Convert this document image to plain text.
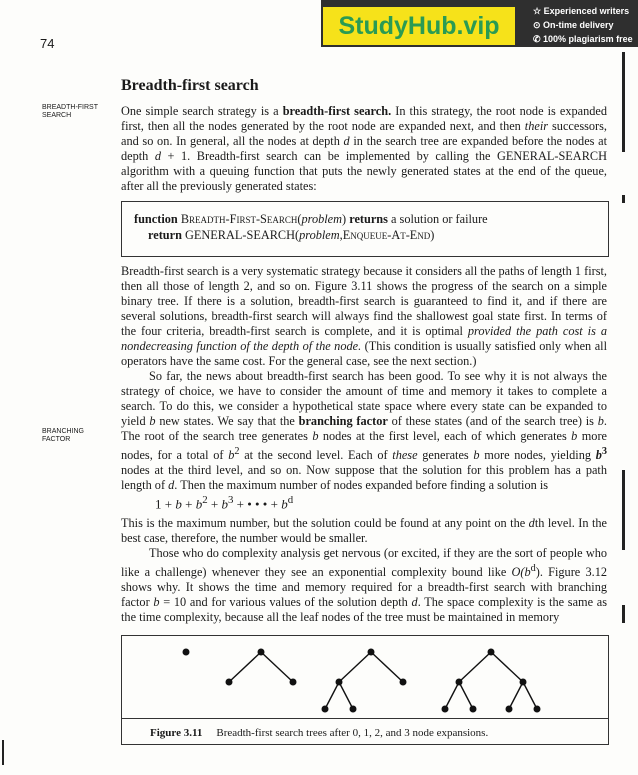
74
StudyHub.vip
☆ Experienced writers
⊙ On-time delivery
✆ 100% plagiarism free
BREADTH-FIRST SEARCH
BRANCHING FACTOR
Breadth-first search

One simple search strategy is a breadth-first search. In this strategy, the root node is expanded first, then all the nodes generated by the root node are expanded next, and then their successors, and so on. In general, all the nodes at depth d in the search tree are expanded before the nodes at depth d + 1. Breadth-first search can be implemented by calling the GENERAL-SEARCH algorithm with a queuing function that puts the newly generated states at the end of the queue, after all the previously generated states:

function Breadth-First-Search(problem) returns a solution or failure
return GENERAL-SEARCH(problem,Enqueue-At-End)

Breadth-first search is a very systematic strategy because it considers all the paths of length 1 first, then all those of length 2, and so on. Figure 3.11 shows the progress of the search on a simple binary tree. If there is a solution, breadth-first search is guaranteed to find it, and if there are several solutions, breadth-first search will always find the shallowest goal state first. In terms of the four criteria, breadth-first search is complete, and it is optimal provided the path cost is a nondecreasing function of the depth of the node. (This condition is usually satisfied only when all operators have the same cost. For the general case, see the next section.)

So far, the news about breadth-first search has been good. To see why it is not always the strategy of choice, we have to consider the amount of time and memory it takes to complete a search. To do this, we consider a hypothetical state space where every state can be expanded to yield b new states. We say that the branching factor of these states (and of the search tree) is b. The root of the search tree generates b nodes at the first level, each of which generates b more nodes, for a total of $b^2$ at the second level. Each of these generates b more nodes, yielding $b^3$ nodes at the third level, and so on. Now suppose that the solution for this problem has a path length of d. Then the maximum number of nodes expanded before finding a solution is

$1 + b + b^2 + b^3$ + • • • + $b^d$

This is the maximum number, but the solution could be found at any point on the dth level. In the best case, therefore, the number would be smaller.

Those who do complexity analysis get nervous (or excited, if they are the sort of people who like a challenge) whenever they see an exponential complexity bound like $O(b^d)$. Figure 3.12 shows why. It shows the time and memory required for a breadth-first search with branching factor b = 10 and for various values of the solution depth d. The space complexity is the same as the time complexity, because all the leaf nodes of the tree must be maintained in memory

Figure 3.11 Breadth-first search trees after 0, 1, 2, and 3 node expansions.
